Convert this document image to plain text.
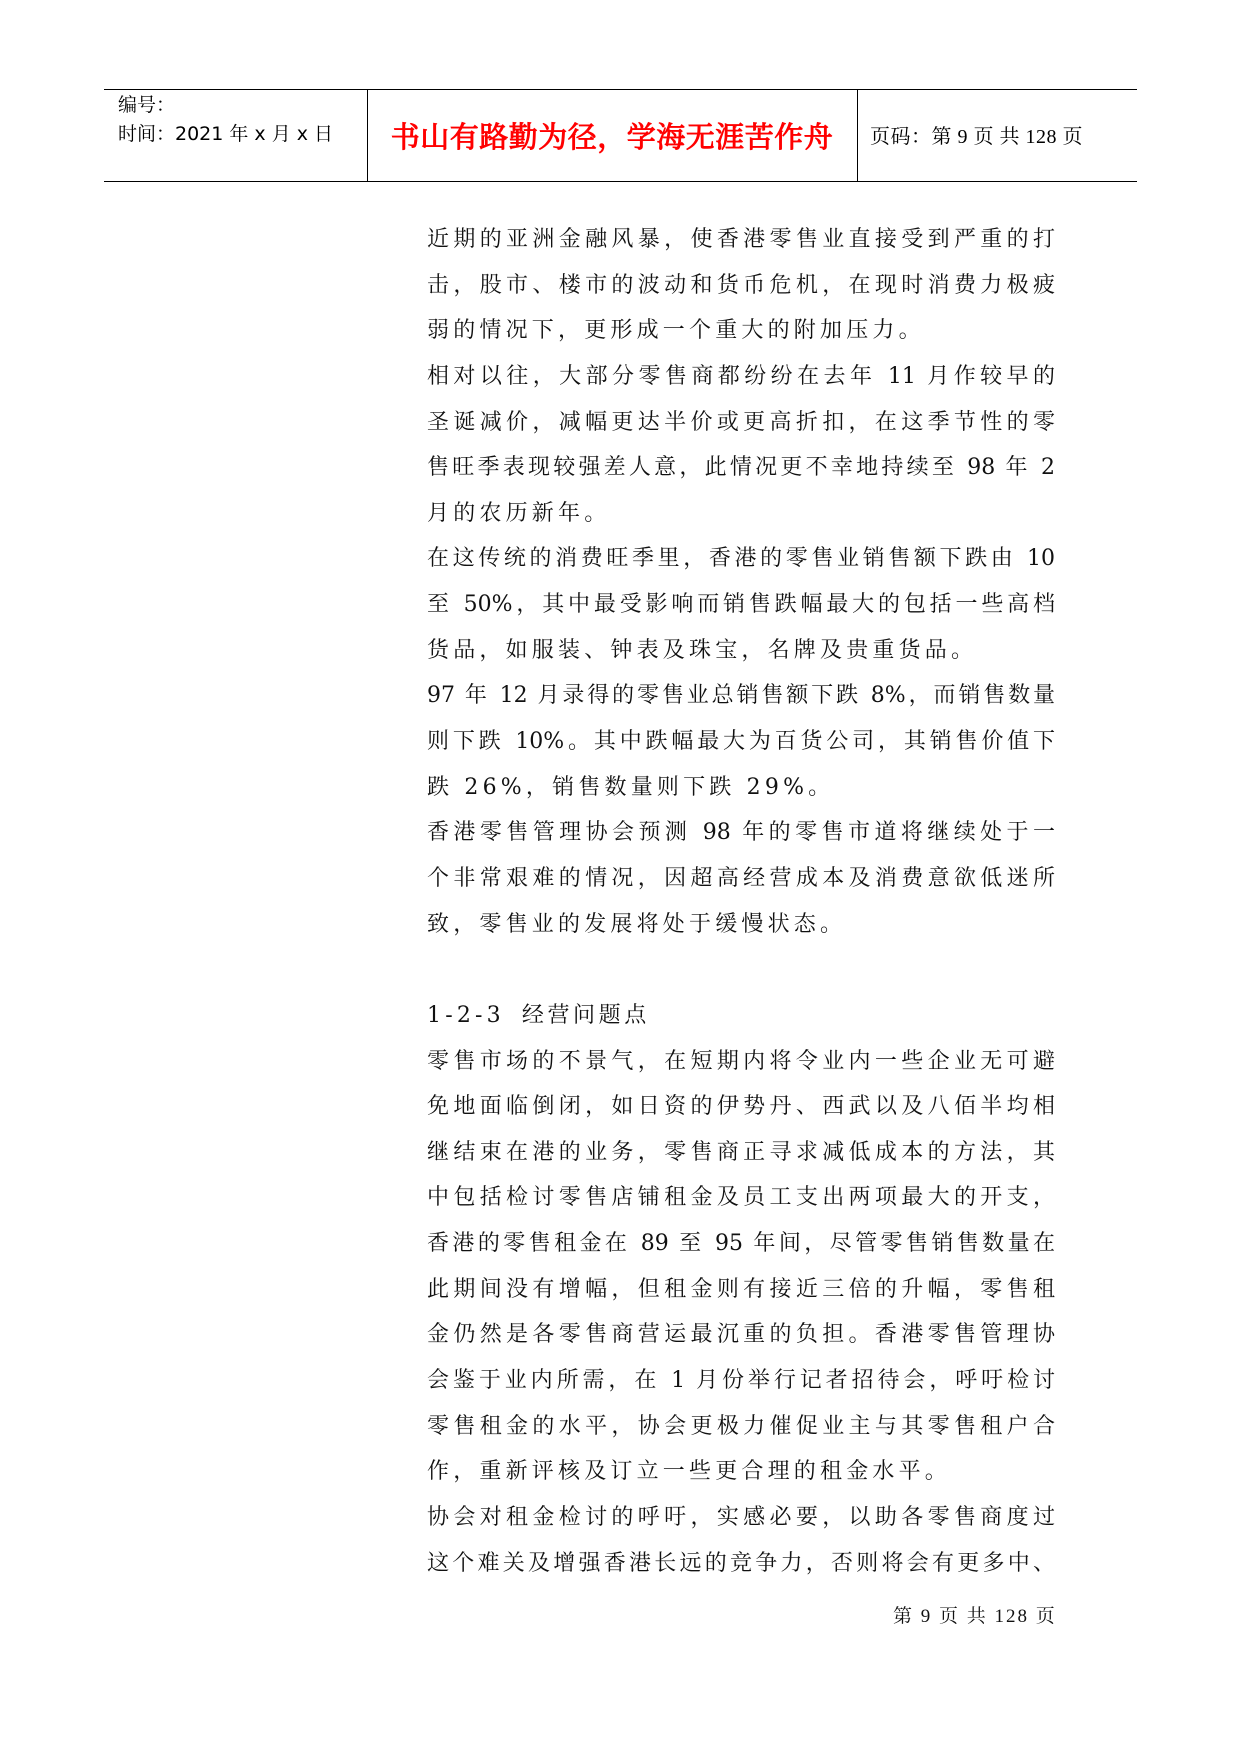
编号：
时间：2021 年 x 月 x 日	书山有路勤为径，学海无涯苦作舟	页码：第 9 页 共 128 页
近期的亚洲金融风暴，使香港零售业直接受到严重的打
击，股市、楼市的波动和货币危机，在现时消费力极疲
弱的情况下，更形成一个重大的附加压力。
相对以往，大部分零售商都纷纷在去年 11 月作较早的
圣诞减价，减幅更达半价或更高折扣，在这季节性的零
售旺季表现较强差人意，此情况更不幸地持续至 98 年 2
月的农历新年。
在这传统的消费旺季里，香港的零售业销售额下跌由 10
至 50%，其中最受影响而销售跌幅最大的包括一些高档
货品，如服装、钟表及珠宝，名牌及贵重货品。
97 年 12 月录得的零售业总销售额下跌 8%，而销售数量
则下跌 10%。其中跌幅最大为百货公司，其销售价值下
跌 26%，销售数量则下跌 29%。
香港零售管理协会预测 98 年的零售市道将继续处于一
个非常艰难的情况，因超高经营成本及消费意欲低迷所
致，零售业的发展将处于缓慢状态。
1-2-3 经营问题点
零售市场的不景气，在短期内将令业内一些企业无可避
免地面临倒闭，如日资的伊势丹、西武以及八佰半均相
继结束在港的业务，零售商正寻求减低成本的方法，其
中包括检讨零售店铺租金及员工支出两项最大的开支，
香港的零售租金在 89 至 95 年间，尽管零售销售数量在
此期间没有增幅，但租金则有接近三倍的升幅，零售租
金仍然是各零售商营运最沉重的负担。香港零售管理协
会鉴于业内所需，在 1 月份举行记者招待会，呼吁检讨
零售租金的水平，协会更极力催促业主与其零售租户合
作，重新评核及订立一些更合理的租金水平。
协会对租金检讨的呼吁，实感必要，以助各零售商度过
这个难关及增强香港长远的竞争力，否则将会有更多中、
第 9 页 共 128 页
